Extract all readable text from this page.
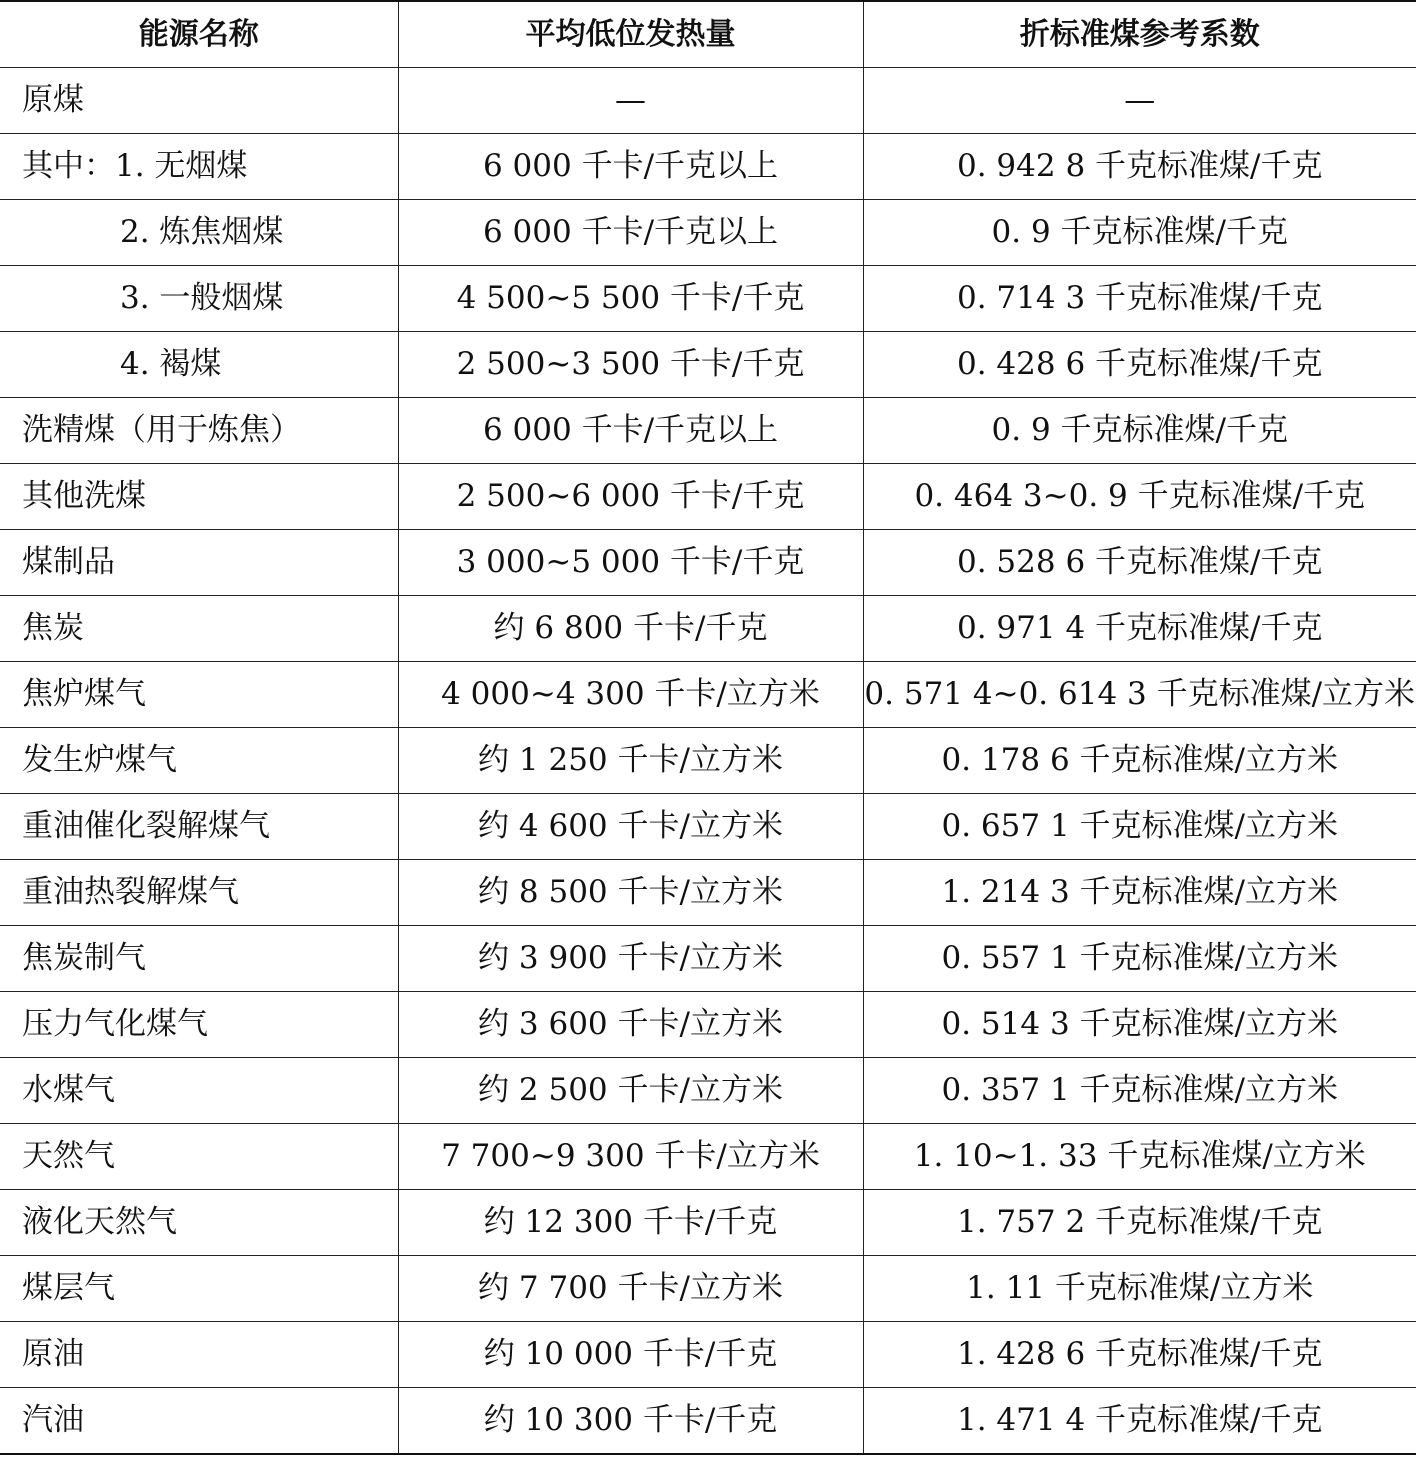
能源名称	平均低位发热量	折标准煤参考系数
原煤	—	—
其中：1. 无烟煤	6 000 千卡/千克以上	0. 942 8 千克标准煤/千克
2. 炼焦烟煤	6 000 千卡/千克以上	0. 9 千克标准煤/千克
3. 一般烟煤	4 500~5 500 千卡/千克	0. 714 3 千克标准煤/千克
4. 褐煤	2 500~3 500 千卡/千克	0. 428 6 千克标准煤/千克
洗精煤（用于炼焦）	6 000 千卡/千克以上	0. 9 千克标准煤/千克
其他洗煤	2 500~6 000 千卡/千克	0. 464 3~0. 9 千克标准煤/千克
煤制品	3 000~5 000 千卡/千克	0. 528 6 千克标准煤/千克
焦炭	约 6 800 千卡/千克	0. 971 4 千克标准煤/千克
焦炉煤气	4 000~4 300 千卡/立方米	0. 571 4~0. 614 3 千克标准煤/立方米
发生炉煤气	约 1 250 千卡/立方米	0. 178 6 千克标准煤/立方米
重油催化裂解煤气	约 4 600 千卡/立方米	0. 657 1 千克标准煤/立方米
重油热裂解煤气	约 8 500 千卡/立方米	1. 214 3 千克标准煤/立方米
焦炭制气	约 3 900 千卡/立方米	0. 557 1 千克标准煤/立方米
压力气化煤气	约 3 600 千卡/立方米	0. 514 3 千克标准煤/立方米
水煤气	约 2 500 千卡/立方米	0. 357 1 千克标准煤/立方米
天然气	7 700~9 300 千卡/立方米	1. 10~1. 33 千克标准煤/立方米
液化天然气	约 12 300 千卡/千克	1. 757 2 千克标准煤/千克
煤层气	约 7 700 千卡/立方米	1. 11 千克标准煤/立方米
原油	约 10 000 千卡/千克	1. 428 6 千克标准煤/千克
汽油	约 10 300 千卡/千克	1. 471 4 千克标准煤/千克
